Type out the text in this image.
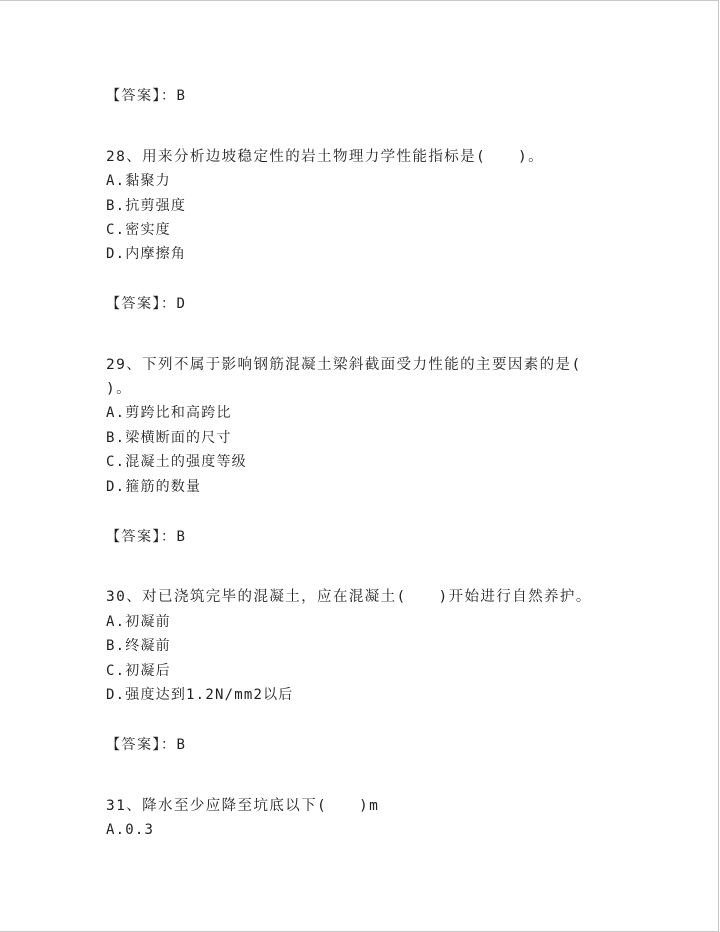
【答案】：B
28、用来分析边坡稳定性的岩土物理力学性能指标是(　　)。
A.黏聚力
B.抗剪强度
C.密实度
D.内摩擦角
【答案】：D
29、下列不属于影响钢筋混凝土梁斜截面受力性能的主要因素的是(
)。
A.剪跨比和高跨比
B.梁横断面的尺寸
C.混凝土的强度等级
D.箍筋的数量
【答案】：B
30、对已浇筑完毕的混凝土，应在混凝土(　　)开始进行自然养护。
A.初凝前
B.终凝前
C.初凝后
D.强度达到1.2N/mm2以后
【答案】：B
31、降水至少应降至坑底以下(　　)m
A.0.3
